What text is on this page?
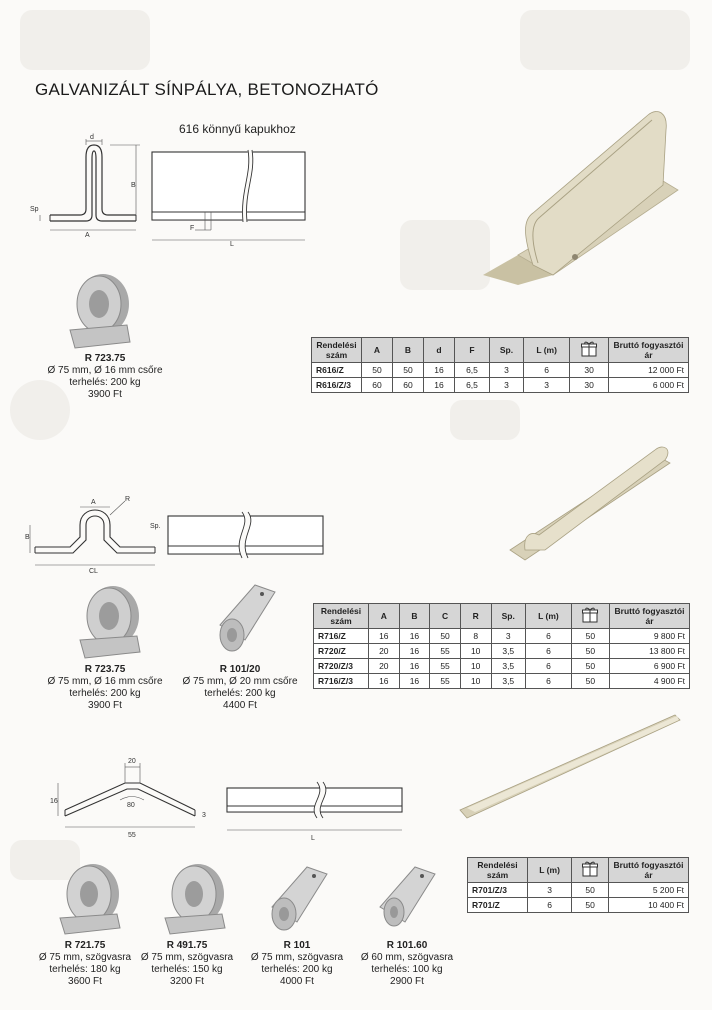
GALVANIZÁLT SÍNPÁLYA, BETONOZHATÓ
616 könnyű kapukhoz
d
B
Sp
A
F
L
R 723.75
Ø 75 mm, Ø 16 mm csőre
terhelés: 200 kg
3900 Ft
Rendelési szám	A	B	d	F	Sp.	L (m)		Bruttó fogyasztói ár
R616/Z	50	50	16	6,5	3	6	30	12 000 Ft
R616/Z/3	60	60	16	6,5	3	3	30	6 000 Ft
A	R
B
CL
Sp.
R 723.75
Ø 75 mm, Ø 16 mm csőre
terhelés: 200 kg
3900 Ft
R 101/20
Ø 75 mm, Ø 20 mm csőre
terhelés: 200 kg
4400 Ft
Rendelési szám	A	B	C	R	Sp.	L (m)		Bruttó fogyasztói ár
R716/Z	16	16	50	8	3	6	50	9 800 Ft
R720/Z	20	16	55	10	3,5	6	50	13 800 Ft
R720/Z/3	20	16	55	10	3,5	6	50	6 900 Ft
R716/Z/3	16	16	55	10	3,5	6	50	4 900 Ft
20
16
80
3
55	L
Rendelési szám	L (m)		Bruttó fogyasztói ár
R701/Z/3	3	50	5 200 Ft
R701/Z	6	50	10 400 Ft
R 721.75
Ø 75 mm, szögvasra
terhelés: 180 kg
3600 Ft
R 491.75
Ø 75 mm, szögvasra
terhelés: 150 kg
3200 Ft
R 101
Ø 75 mm, szögvasra
terhelés: 200 kg
4000 Ft
R 101.60
Ø 60 mm, szögvasra
terhelés: 100 kg
2900 Ft
